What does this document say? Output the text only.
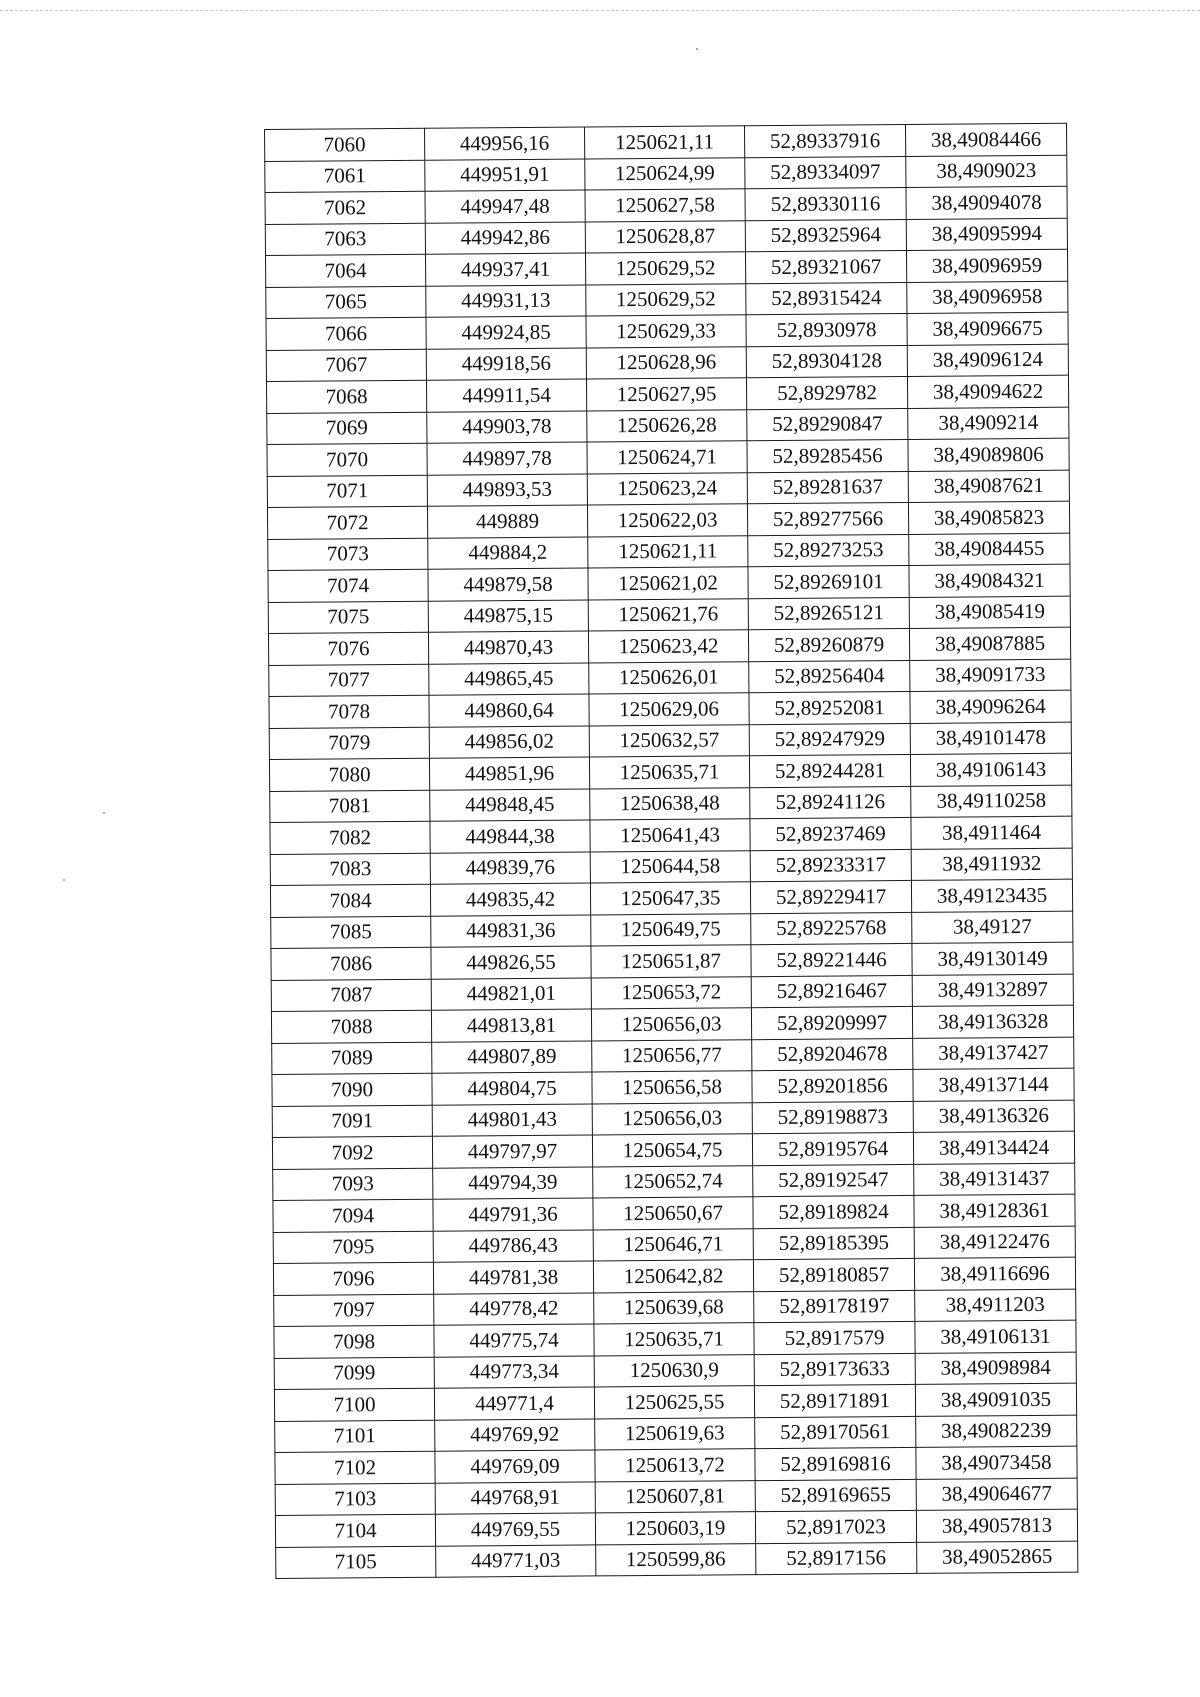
7060	449956,16	1250621,11	52,89337916	38,49084466
7061	449951,91	1250624,99	52,89334097	38,4909023
7062	449947,48	1250627,58	52,89330116	38,49094078
7063	449942,86	1250628,87	52,89325964	38,49095994
7064	449937,41	1250629,52	52,89321067	38,49096959
7065	449931,13	1250629,52	52,89315424	38,49096958
7066	449924,85	1250629,33	52,8930978	38,49096675
7067	449918,56	1250628,96	52,89304128	38,49096124
7068	449911,54	1250627,95	52,8929782	38,49094622
7069	449903,78	1250626,28	52,89290847	38,4909214
7070	449897,78	1250624,71	52,89285456	38,49089806
7071	449893,53	1250623,24	52,89281637	38,49087621
7072	449889	1250622,03	52,89277566	38,49085823
7073	449884,2	1250621,11	52,89273253	38,49084455
7074	449879,58	1250621,02	52,89269101	38,49084321
7075	449875,15	1250621,76	52,89265121	38,49085419
7076	449870,43	1250623,42	52,89260879	38,49087885
7077	449865,45	1250626,01	52,89256404	38,49091733
7078	449860,64	1250629,06	52,89252081	38,49096264
7079	449856,02	1250632,57	52,89247929	38,49101478
7080	449851,96	1250635,71	52,89244281	38,49106143
7081	449848,45	1250638,48	52,89241126	38,49110258
7082	449844,38	1250641,43	52,89237469	38,4911464
7083	449839,76	1250644,58	52,89233317	38,4911932
7084	449835,42	1250647,35	52,89229417	38,49123435
7085	449831,36	1250649,75	52,89225768	38,49127
7086	449826,55	1250651,87	52,89221446	38,49130149
7087	449821,01	1250653,72	52,89216467	38,49132897
7088	449813,81	1250656,03	52,89209997	38,49136328
7089	449807,89	1250656,77	52,89204678	38,49137427
7090	449804,75	1250656,58	52,89201856	38,49137144
7091	449801,43	1250656,03	52,89198873	38,49136326
7092	449797,97	1250654,75	52,89195764	38,49134424
7093	449794,39	1250652,74	52,89192547	38,49131437
7094	449791,36	1250650,67	52,89189824	38,49128361
7095	449786,43	1250646,71	52,89185395	38,49122476
7096	449781,38	1250642,82	52,89180857	38,49116696
7097	449778,42	1250639,68	52,89178197	38,4911203
7098	449775,74	1250635,71	52,8917579	38,49106131
7099	449773,34	1250630,9	52,89173633	38,49098984
7100	449771,4	1250625,55	52,89171891	38,49091035
7101	449769,92	1250619,63	52,89170561	38,49082239
7102	449769,09	1250613,72	52,89169816	38,49073458
7103	449768,91	1250607,81	52,89169655	38,49064677
7104	449769,55	1250603,19	52,8917023	38,49057813
7105	449771,03	1250599,86	52,8917156	38,49052865
